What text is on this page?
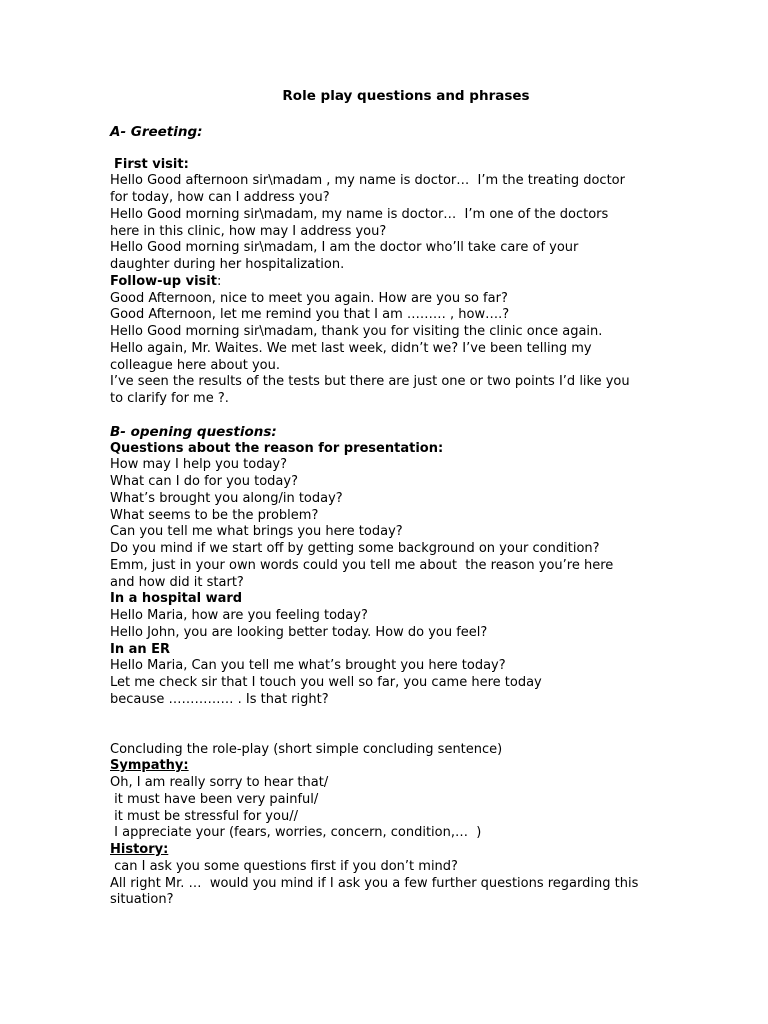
Role play questions and phrases
A- Greeting:
First visit:
Hello Good afternoon sir\madam , my name is doctor…  I’m the treating doctor
for today, how can I address you?
Hello Good morning sir\madam, my name is doctor…  I’m one of the doctors
here in this clinic, how may I address you?
Hello Good morning sir\madam, I am the doctor who’ll take care of your
daughter during her hospitalization.
Follow-up visit:
Good Afternoon, nice to meet you again. How are you so far?
Good Afternoon, let me remind you that I am ……… , how….?
Hello Good morning sir\madam, thank you for visiting the clinic once again.
Hello again, Mr. Waites. We met last week, didn’t we? I’ve been telling my
colleague here about you.
I’ve seen the results of the tests but there are just one or two points I’d like you
to clarify for me ?.
B- opening questions:
Questions about the reason for presentation:
How may I help you today?
What can I do for you today?
What’s brought you along/in today?
What seems to be the problem?
Can you tell me what brings you here today?
Do you mind if we start off by getting some background on your condition?
Emm, just in your own words could you tell me about  the reason you’re here
and how did it start?
In a hospital ward
Hello Maria, how are you feeling today?
Hello John, you are looking better today. How do you feel?
In an ER
Hello Maria, Can you tell me what’s brought you here today?
Let me check sir that I touch you well so far, you came here today
because …………… . Is that right?
Concluding the role-play (short simple concluding sentence)
Sympathy:
Oh, I am really sorry to hear that/
it must have been very painful/
it must be stressful for you//
I appreciate your (fears, worries, concern, condition,…  )
History:
can I ask you some questions first if you don’t mind?
All right Mr. …  would you mind if I ask you a few further questions regarding this
situation?
